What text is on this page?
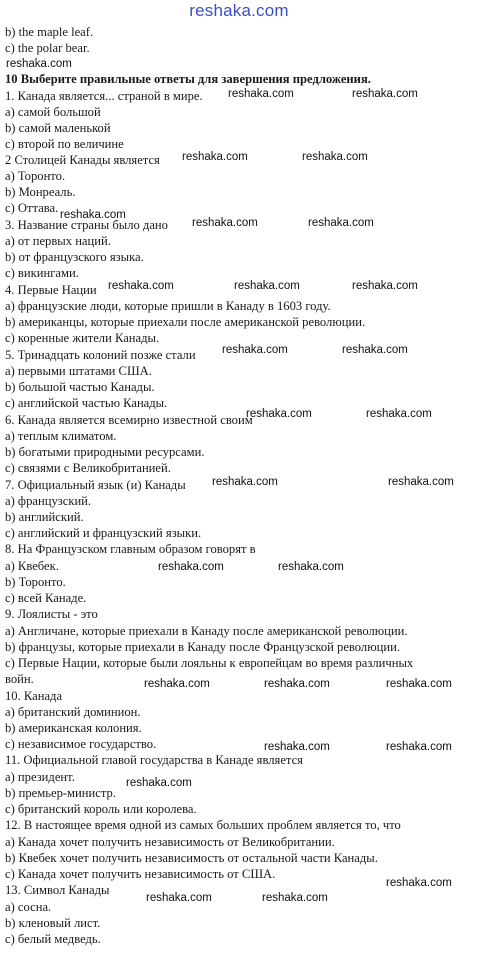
reshaka.com
b) the maple leaf.
c) the polar bear.
10 Выберите правильные ответы для завершения предложения.
1. Канада является... страной в мире.
a) самой большой
b) самой маленькой
c) второй по величине
2 Столицей Канады является
a) Торонто.
b) Монреаль.
c) Оттава.
3. Название страны было дано
a) от первых наций.
b) от французского языка.
c) викингами.
4. Первые Нации
a) французские люди, которые пришли в Канаду в 1603 году.
b) американцы, которые приехали после американской революции.
c) коренные жители Канады.
5. Тринадцать колоний позже стали
a) первыми штатами США.
b) большой частью Канады.
c) английской частью Канады.
6. Канада является всемирно известной своим
a) теплым климатом.
b) богатыми природными ресурсами.
c) связями с Великобританией.
7. Официальный язык (и) Канады
a) французский.
b) английский.
c) английский и французский языки.
8. На Французском главным образом говорят в
a) Квебек.
b) Торонто.
c) всей Канаде.
9. Лоялисты - это
a) Англичане, которые приехали в Канаду после американской революции.
b) французы, которые приехали в Канаду после Французской революции.
c) Первые Нации, которые были лояльны к европейцам во время различных
войн.
10. Канада
a) британский доминион.
b) американская колония.
c) независимое государство.
11. Официальной главой государства в Канаде является
a) президент.
b) премьер-министр.
c) британский король или королева.
12. В настоящее время одной из самых больших проблем является то, что
a) Канада хочет получить независимость от Великобритании.
b) Квебек хочет получить независимость от остальной части Канады.
c) Канада хочет получить независимость от США.
13. Символ Канады
a) сосна.
b) кленовый лист.
c) белый медведь.
reshaka.com
reshaka.com	reshaka.com
reshaka.com	reshaka.com
reshaka.com
reshaka.com	reshaka.com
reshaka.com	reshaka.com	reshaka.com
reshaka.com	reshaka.com
reshaka.com	reshaka.com
reshaka.com	reshaka.com
reshaka.com	reshaka.com
reshaka.com	reshaka.com	reshaka.com
reshaka.com	reshaka.com
reshaka.com
reshaka.com
reshaka.com	reshaka.com
